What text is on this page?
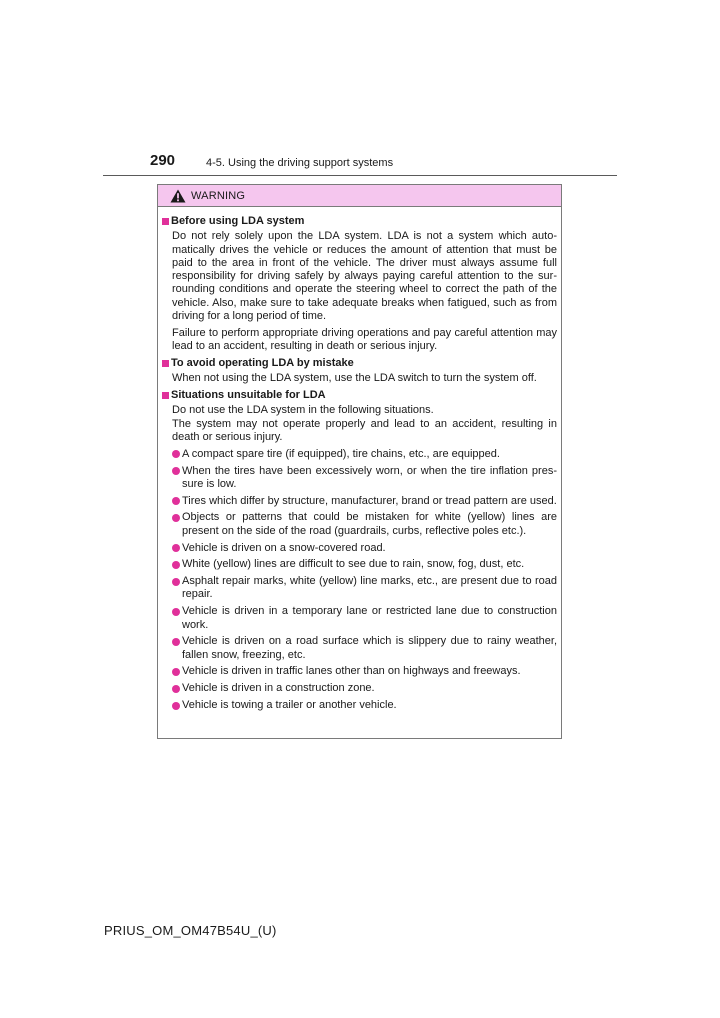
290	4-5. Using the driving support systems
WARNING
Before using LDA system

Do not rely solely upon the LDA system. LDA is not a system which auto-matically drives the vehicle or reduces the amount of attention that must be paid to the area in front of the vehicle. The driver must always assume full responsibility for driving safely by always paying careful attention to the sur-rounding conditions and operate the steering wheel to correct the path of the vehicle. Also, make sure to take adequate breaks when fatigued, such as from driving for a long period of time.

Failure to perform appropriate driving operations and pay careful attention may lead to an accident, resulting in death or serious injury.

To avoid operating LDA by mistake

When not using the LDA system, use the LDA switch to turn the system off.

Situations unsuitable for LDA

Do not use the LDA system in the following situations.

The system may not operate properly and lead to an accident, resulting in death or serious injury.

A compact spare tire (if equipped), tire chains, etc., are equipped.
When the tires have been excessively worn, or when the tire inflation pres-sure is low.
Tires which differ by structure, manufacturer, brand or tread pattern are used.
Objects or patterns that could be mistaken for white (yellow) lines are present on the side of the road (guardrails, curbs, reflective poles etc.).
Vehicle is driven on a snow-covered road.
White (yellow) lines are difficult to see due to rain, snow, fog, dust, etc.
Asphalt repair marks, white (yellow) line marks, etc., are present due to road repair.
Vehicle is driven in a temporary lane or restricted lane due to construction work.
Vehicle is driven on a road surface which is slippery due to rainy weather, fallen snow, freezing, etc.
Vehicle is driven in traffic lanes other than on highways and freeways.
Vehicle is driven in a construction zone.
Vehicle is towing a trailer or another vehicle.
PRIUS_OM_OM47B54U_(U)
